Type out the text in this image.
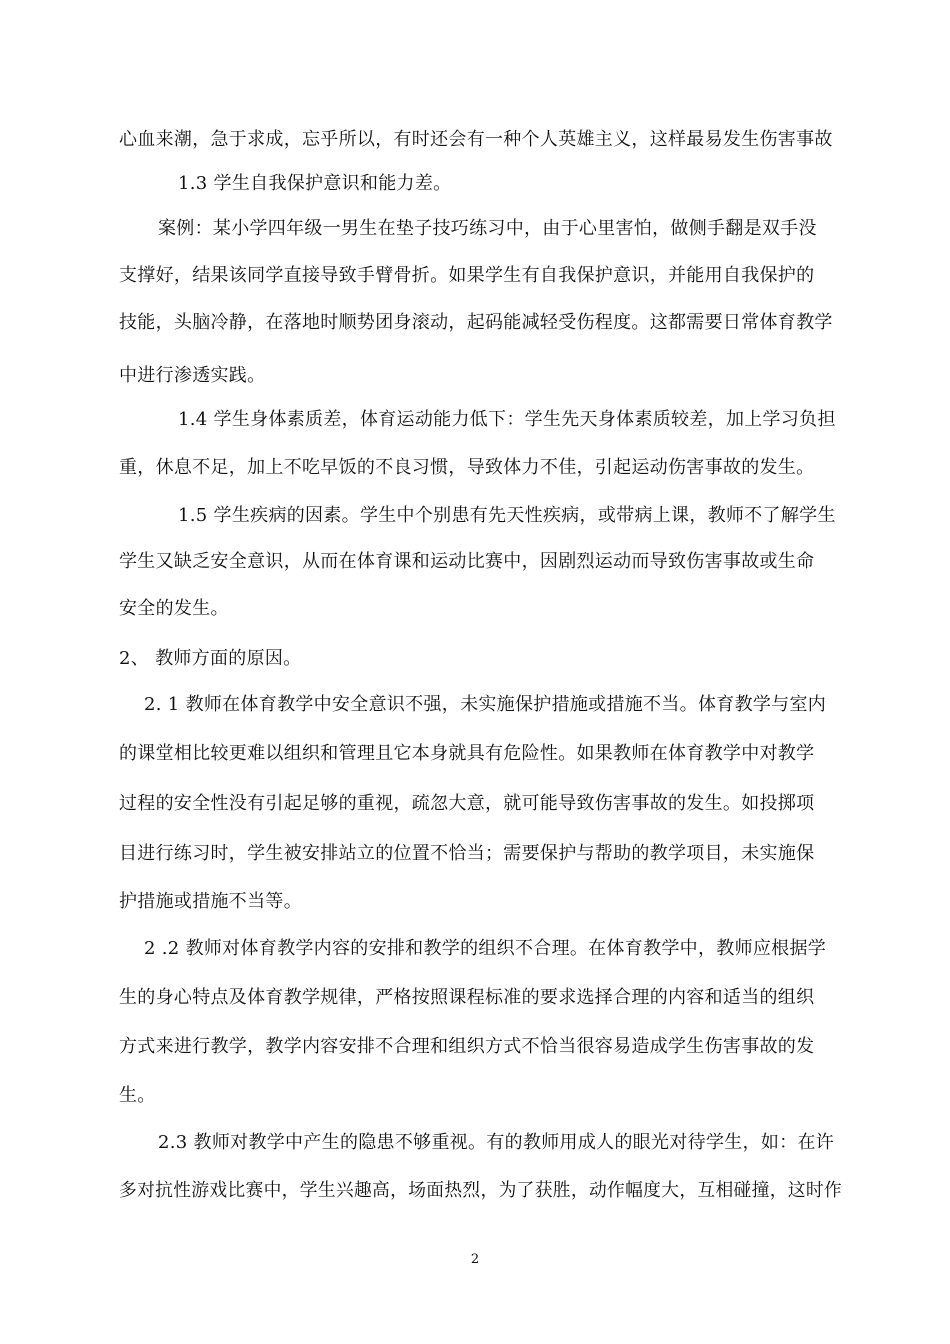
心血来潮，急于求成，忘乎所以，有时还会有一种个人英雄主义，这样最易发生伤害事故
1.3 学生自我保护意识和能力差。
案例：某小学四年级一男生在垫子技巧练习中，由于心里害怕，做侧手翻是双手没
支撑好，结果该同学直接导致手臂骨折。如果学生有自我保护意识，并能用自我保护的
技能，头脑冷静，在落地时顺势团身滚动，起码能减轻受伤程度。这都需要日常体育教学
中进行渗透实践。
1.4 学生身体素质差，体育运动能力低下：学生先天身体素质较差，加上学习负担
重，休息不足，加上不吃早饭的不良习惯，导致体力不佳，引起运动伤害事故的发生。
1.5 学生疾病的因素。学生中个别患有先天性疾病，或带病上课，教师不了解学生
学生又缺乏安全意识，从而在体育课和运动比赛中，因剧烈运动而导致伤害事故或生命
安全的发生。
2、 教师方面的原因。
2. 1 教师在体育教学中安全意识不强，未实施保护措施或措施不当。体育教学与室内
的课堂相比较更难以组织和管理且它本身就具有危险性。如果教师在体育教学中对教学
过程的安全性没有引起足够的重视，疏忽大意，就可能导致伤害事故的发生。如投掷项
目进行练习时，学生被安排站立的位置不恰当；需要保护与帮助的教学项目，未实施保
护措施或措施不当等。
2 .2 教师对体育教学内容的安排和教学的组织不合理。在体育教学中，教师应根据学
生的身心特点及体育教学规律，严格按照课程标准的要求选择合理的内容和适当的组织
方式来进行教学，教学内容安排不合理和组织方式不恰当很容易造成学生伤害事故的发
生。
2.3 教师对教学中产生的隐患不够重视。有的教师用成人的眼光对待学生，如：在许
多对抗性游戏比赛中，学生兴趣高，场面热烈，为了获胜，动作幅度大，互相碰撞，这时作
2
